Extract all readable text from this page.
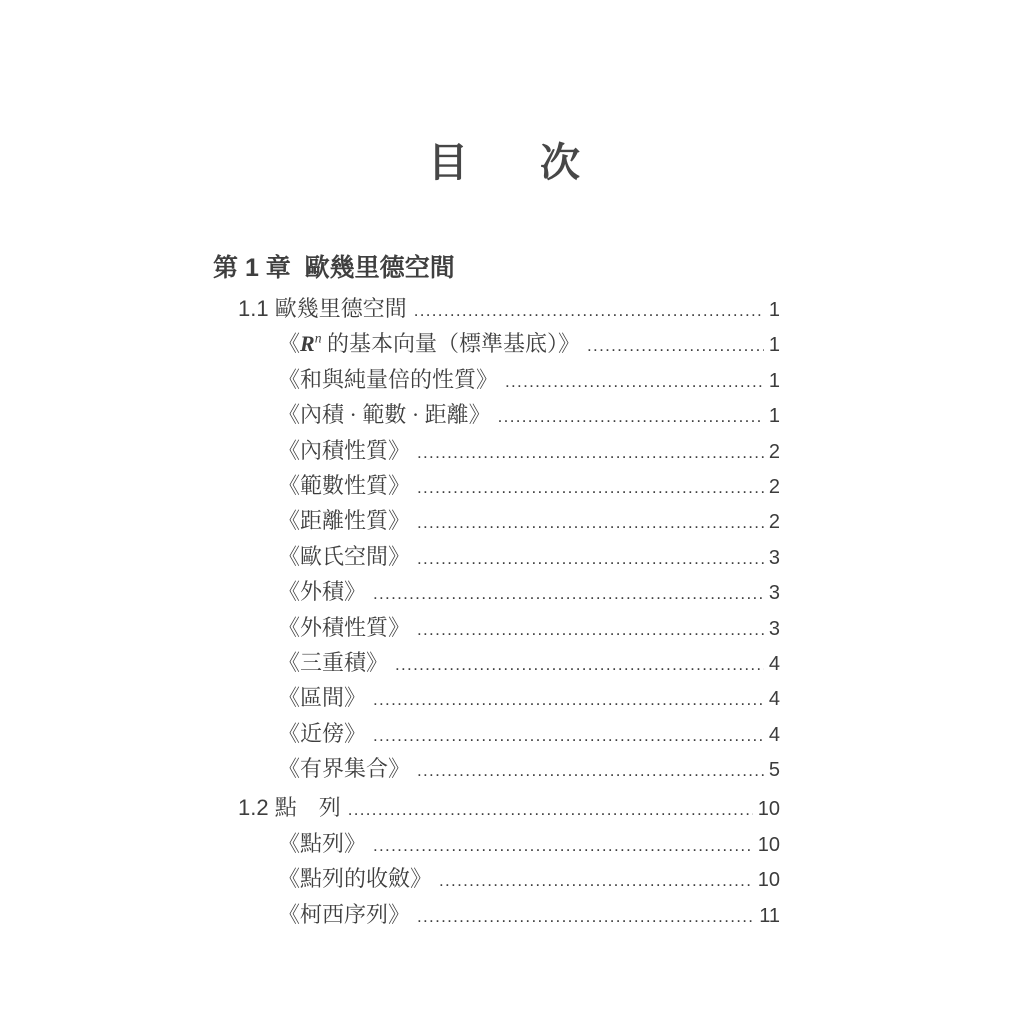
目　次
第 1 章  歐幾里德空間
1.1 歐幾里德空間 .....	1
《$R^n$ 的基本向量（標準基底）》 .....	1
《和與純量倍的性質》 .....	1
《內積 · 範數 · 距離》 .....	1
《內積性質》 .....	2
《範數性質》 .....	2
《距離性質》 .....	2
《歐氏空間》 .....	3
《外積》 .....	3
《外積性質》 .....	3
《三重積》 .....	4
《區間》 .....	4
《近傍》 .....	4
《有界集合》 .....	5
1.2 點　列 .....	10
《點列》 .....	10
《點列的收斂》 .....	10
《柯西序列》 .....	11
